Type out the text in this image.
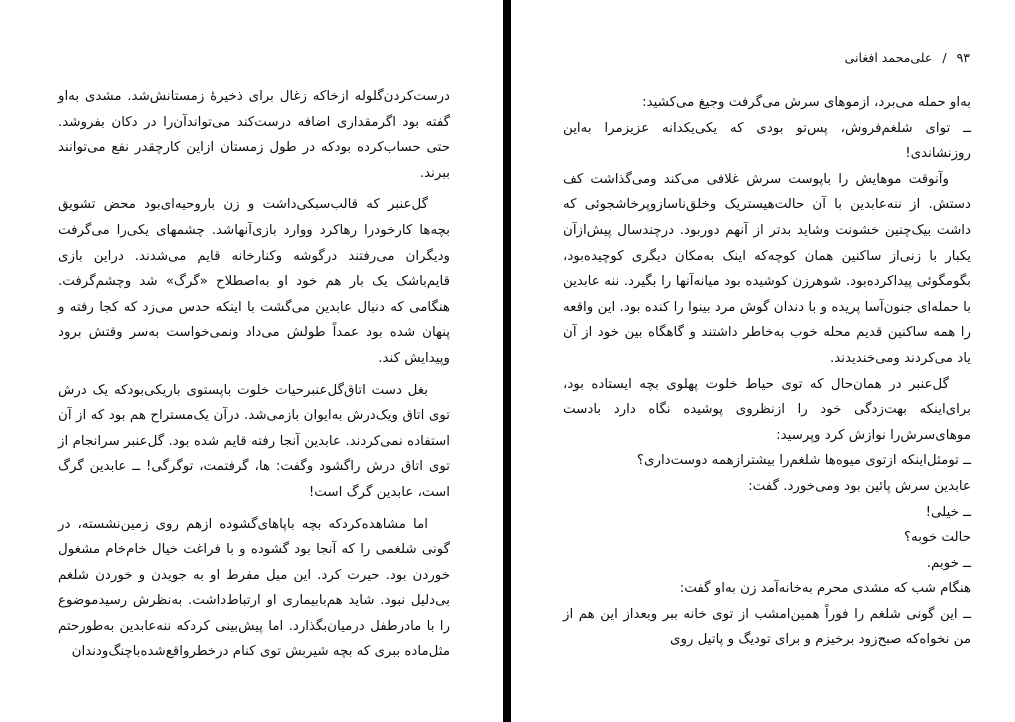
درست‌کردن‌گلوله ازخاکه زغال برای ذخیرهٔ زمستانش‌شد. مشدی به‌او گفته بود اگرمقداری اضافه درست‌کند می‌تواندآن‌را در دکان بفروشد. حتی حساب‌کرده بودکه در طول زمستان ازاین کارچقدر نفع می‌توانند ببرند.

گل‌عنبر که قالب‌سبکی‌داشت و زن باروحیه‌ای‌بود محض تشویق بچه‌ها کارخودرا رهاکرد ووارد بازی‌آنهاشد. چشمهای یکی‌را می‌گرفت ودیگران می‌رفتند درگوشه وکنارخانه قایم می‌شدند. دراین بازی قایم‌باشک یک بار هم خود او به‌اصطلاح «گرگ» شد وچشم‌گرفت. هنگامی که دنبال عابدین می‌گشت با اینکه حدس می‌زد که کجا رفته و پنهان شده بود عمداً طولش می‌داد ونمی‌خواست به‌سر وقتش برود وپیدایش کند.

بغل دست اتاق‌گل‌عنبرحیات خلوت باپستوی باریکی‌بودکه یک درش توی اتاق ویک‌درش به‌ایوان بازمی‌شد. درآن یک‌مستراح هم بود که از آن استفاده نمی‌کردند. عابدین آنجا رفته قایم شده بود. گل‌عنبر سرانجام از توی اتاق درش راگشود وگفت: ها، گرفتمت، توگرگی! ــ عابدین گرگ است، عابدین گرگ است!

اما مشاهده‌کردکه بچه باپاهای‌گشوده ازهم روی زمین‌نشسته، در گونی شلغمی را که آنجا بود گشوده و با فراغت خیال خام‌خام مشغول خوردن بود. حیرت کرد. این میل مفرط او به جویدن و خوردن شلغم بی‌دلیل نبود. شاید هم‌بابیماری او ارتباط‌داشت. به‌نظرش رسیدموضوع را با مادرطفل درمیان‌بگذارد. اما پیش‌بینی کردکه ننه‌عابدین به‌طورحتم مثل‌ماده ببری که بچه شیربش توی کنام درخطرواقع‌شده‌باچنگ‌ودندان

۹۳ / علی‌محمد افغانی

به‌او حمله می‌برد، ازموهای سرش می‌گرفت وجیغ می‌کشید:

ــ توای شلغم‌فروش، پس‌تو بودی که یکی‌یکدانه عزیزمرا به‌این روزنشاندی!

وآنوقت موهایش را باپوست سرش غلافی می‌کند ومی‌گذاشت کف دستش. از ننه‌عابدین با آن حالت‌هیستریک وخلق‌ناسازوپرخاشجوئی که داشت بیک‌چنین خشونت وشاید بدتر از آنهم دوربود. درچندسال پیش‌ازآن یکبار با زنی‌از ساکنین همان کوچه‌که اینک به‌مکان دیگری کوچیده‌بود، بگومگوئی پیداکرده‌بود. شوهرزن کوشیده بود میانه‌آنها را بگیرد. ننه عابدین با حمله‌ای جنون‌آسا پریده و با دندان گوش مرد بینوا را کنده بود. این واقعه را همه ساکنین قدیم محله خوب به‌خاطر داشتند و گاهگاه بین خود از آن یاد می‌کردند ومی‌خندیدند.

گل‌عنبر در همان‌حال که توی حیاط خلوت پهلوی بچه ایستاده بود، برای‌اینکه بهت‌زدگی خود را ازنظروی پوشیده نگاه دارد بادست موهای‌سرش‌را نوازش کرد وپرسید:

ــ تومثل‌اینکه ازتوی میوه‌ها شلغم‌را بیشترازهمه دوست‌داری؟

عابدین سرش پائین بود ومی‌خورد. گفت:

ــ خیلی!

حالت خوبه؟

ــ خوبم.

هنگام شب که مشدی محرم به‌خانه‌آمد زن به‌او گفت:

ــ این گونی شلغم را فوراً همین‌امشب از توی خانه ببر وبعداز این هم از من نخواه‌که صبح‌زود برخیزم و برای تودیگ و پاتیل روی
